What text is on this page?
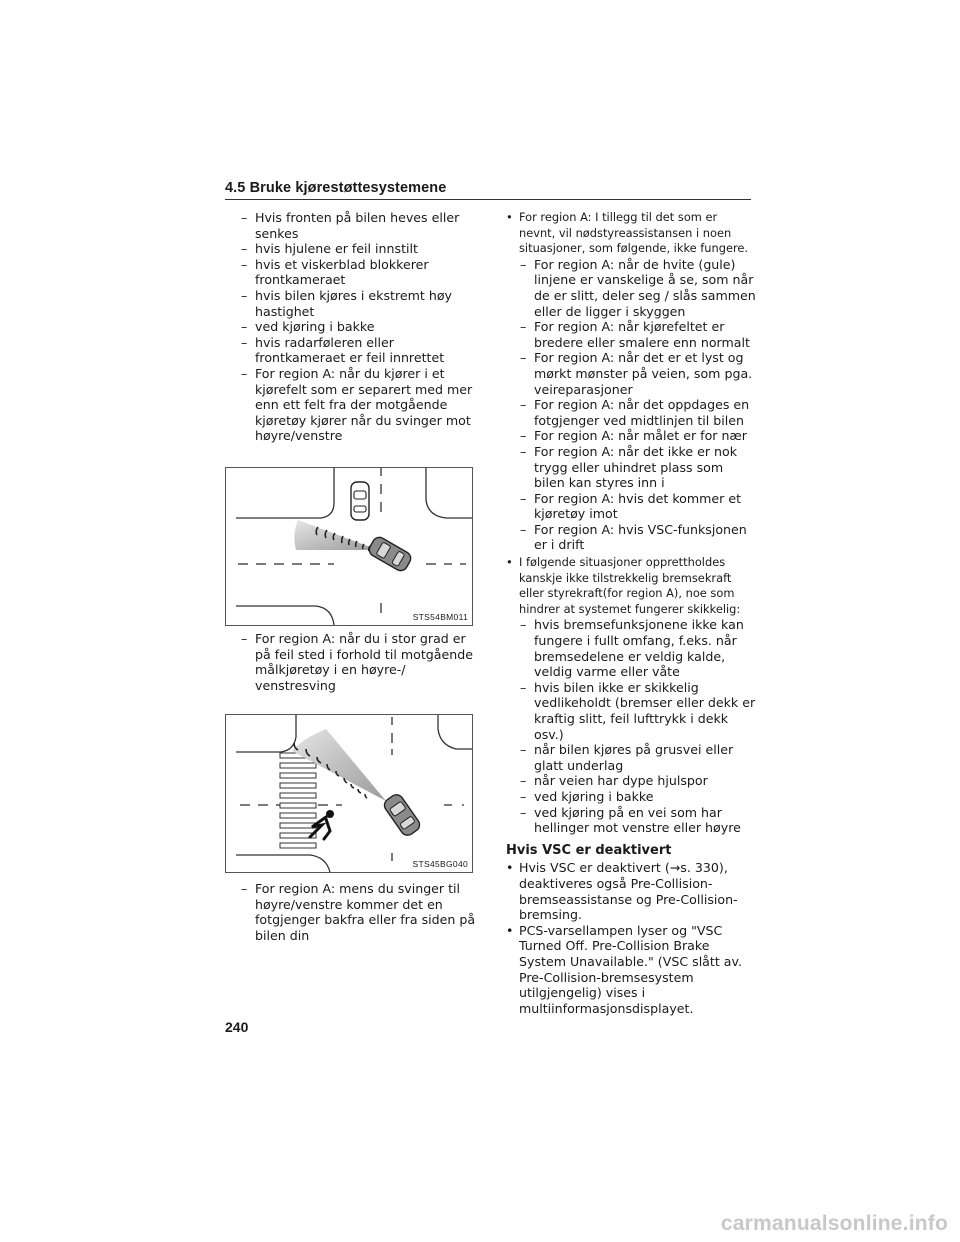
4.5 Bruke kjørestøttesystemene
– Hvis fronten på bilen heves eller senkes
– hvis hjulene er feil innstilt
– hvis et viskerblad blokkerer frontkameraet
– hvis bilen kjøres i ekstremt høy hastighet
– ved kjøring i bakke
– hvis radarføleren eller frontkameraet er feil innrettet
– For region A: når du kjører i et kjørefelt som er separert med mer enn ett felt fra der motgående kjøretøy kjører når du svinger mot høyre/venstre
STS54BM011
– For region A: når du i stor grad er på feil sted i forhold til motgående målkjøretøy i en høyre-/ venstresving
STS45BG040
– For region A: mens du svinger til høyre/venstre kommer det en fotgjenger bakfra eller fra siden på bilen din
• For region A: I tillegg til det som er nevnt, vil nødstyreassistansen i noen situasjoner, som følgende, ikke fungere.
– For region A: når de hvite (gule) linjene er vanskelige å se, som når de er slitt, deler seg / slås sammen eller de ligger i skyggen
– For region A: når kjørefeltet er bredere eller smalere enn normalt
– For region A: når det er et lyst og mørkt mønster på veien, som pga. veireparasjoner
– For region A: når det oppdages en fotgjenger ved midtlinjen til bilen
– For region A: når målet er for nær
– For region A: når det ikke er nok trygg eller uhindret plass som bilen kan styres inn i
– For region A: hvis det kommer et kjøretøy imot
– For region A: hvis VSC-funksjonen er i drift
• I følgende situasjoner opprettholdes kanskje ikke tilstrekkelig bremsekraft eller styrekraft(for region A), noe som hindrer at systemet fungerer skikkelig:
– hvis bremsefunksjonene ikke kan fungere i fullt omfang, f.eks. når bremsedelene er veldig kalde, veldig varme eller våte
– hvis bilen ikke er skikkelig vedlikeholdt (bremser eller dekk er kraftig slitt, feil lufttrykk i dekk osv.)
– når bilen kjøres på grusvei eller glatt underlag
– når veien har dype hjulspor
– ved kjøring i bakke
– ved kjøring på en vei som har hellinger mot venstre eller høyre
Hvis VSC er deaktivert
• Hvis VSC er deaktivert (→s. 330), deaktiveres også Pre-Collision-bremseassistanse og Pre-Collision-bremsing.
• PCS-varsellampen lyser og "VSC Turned Off. Pre-Collision Brake System Unavailable." (VSC slått av. Pre-Collision-bremsesystem utilgjengelig) vises i multiinformasjonsdisplayet.
240
carmanualsonline.info
